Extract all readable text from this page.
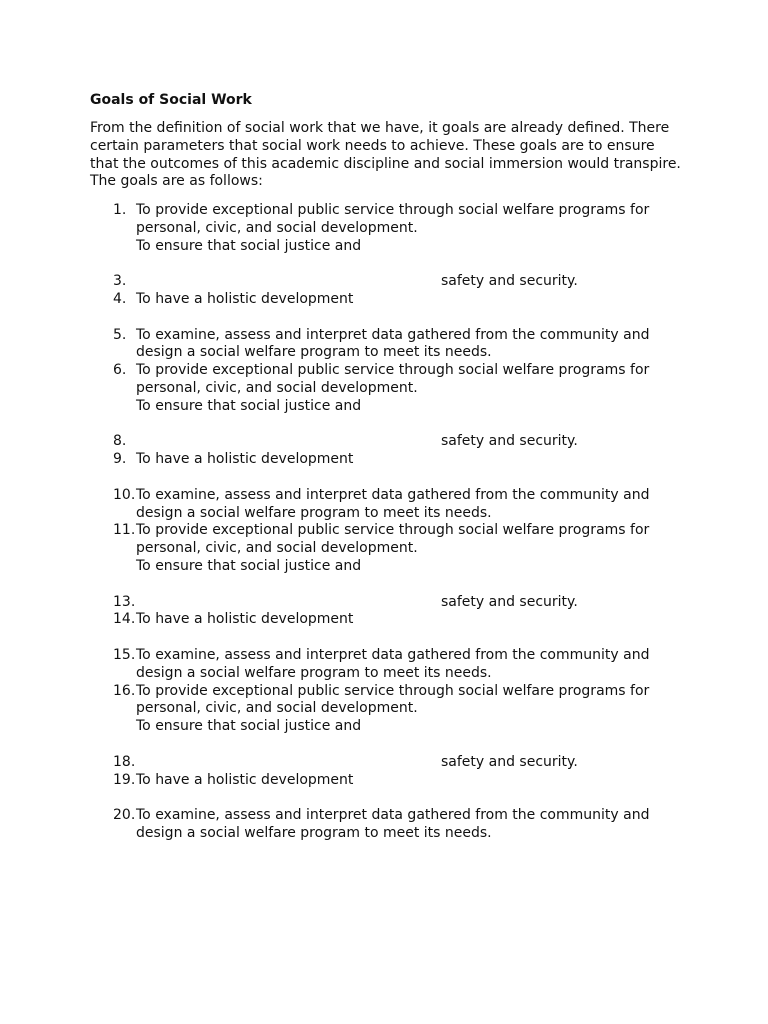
Goals of Social Work

From the definition of social work that we have, it goals are already defined. There
certain parameters that social work needs to achieve. These goals are to ensure
that the outcomes of this academic discipline and social immersion would transpire.
The goals are as follows:

1. To provide exceptional public service through social welfare programs for
personal, civic, and social development.
To ensure that social justice and
3.	safety and security.
4. To have a holistic development
5. To examine, assess and interpret data gathered from the community and
design a social welfare program to meet its needs.
6. To provide exceptional public service through social welfare programs for
personal, civic, and social development.
To ensure that social justice and
8.	safety and security.
9. To have a holistic development
10. To examine, assess and interpret data gathered from the community and
design a social welfare program to meet its needs.
11. To provide exceptional public service through social welfare programs for
personal, civic, and social development.
To ensure that social justice and
13.	safety and security.
14. To have a holistic development
15. To examine, assess and interpret data gathered from the community and
design a social welfare program to meet its needs.
16. To provide exceptional public service through social welfare programs for
personal, civic, and social development.
To ensure that social justice and
18.	safety and security.
19. To have a holistic development
20. To examine, assess and interpret data gathered from the community and
design a social welfare program to meet its needs.
